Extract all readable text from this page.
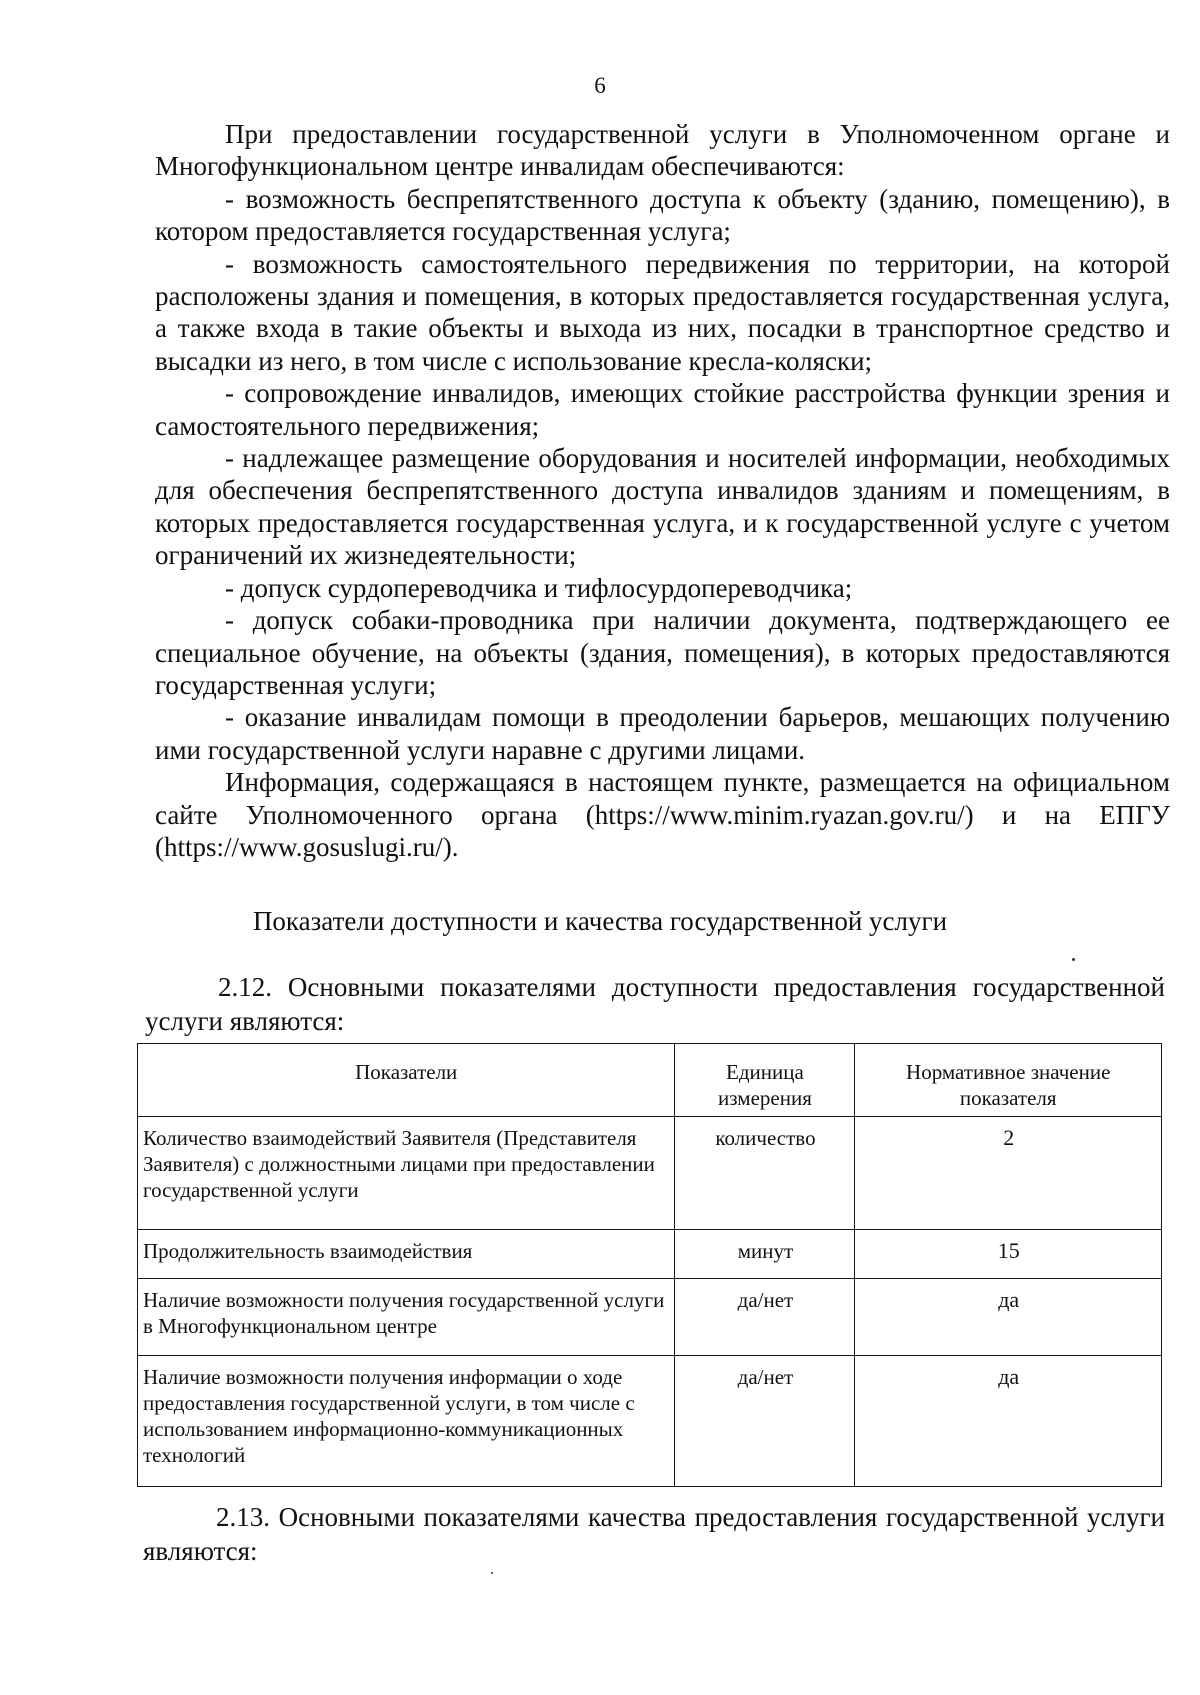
6

При предоставлении государственной услуги в Уполномоченном органе и Многофункциональном центре инвалидам обеспечиваются:

- возможность беспрепятственного доступа к объекту (зданию, помещению), в котором предоставляется государственная услуга;

- возможность самостоятельного передвижения по территории, на которой расположены здания и помещения, в которых предоставляется государственная услуга, а также входа в такие объекты и выхода из них, посадки в транспортное средство и высадки из него, в том числе с использование кресла-коляски;

- сопровождение инвалидов, имеющих стойкие расстройства функции зрения и самостоятельного передвижения;

- надлежащее размещение оборудования и носителей информации, необходимых для обеспечения беспрепятственного доступа инвалидов зданиям и помещениям, в которых предоставляется государственная услуга, и к государственной услуге с учетом ограничений их жизнедеятельности;

- допуск сурдопереводчика и тифлосурдопереводчика;

- допуск собаки-проводника при наличии документа, подтверждающего ее специальное обучение, на объекты (здания, помещения), в которых предоставляются государственная услуги;

- оказание инвалидам помощи в преодолении барьеров, мешающих получению ими государственной услуги наравне с другими лицами.

Информация, содержащаяся в настоящем пункте, размещается на официальном сайте Уполномоченного органа (https://www.minim.ryazan.gov.ru/) и на ЕПГУ (https://www.gosuslugi.ru/).

Показатели доступности и качества государственной услуги

2.12. Основными показателями доступности предоставления государственной услуги являются:

Показатели	Единица измерения	Нормативное значение показателя
Количество взаимодействий Заявителя (Представителя Заявителя) с должностными лицами при предоставлении государственной услуги	количество	2
Продолжительность взаимодействия	минут	15
Наличие возможности получения государственной услуги в Многофункциональном центре	да/нет	да
Наличие возможности получения информации о ходе предоставления государственной услуги, в том числе с использованием информационно-коммуникационных технологий	да/нет	да

2.13. Основными показателями качества предоставления государственной услуги являются:
